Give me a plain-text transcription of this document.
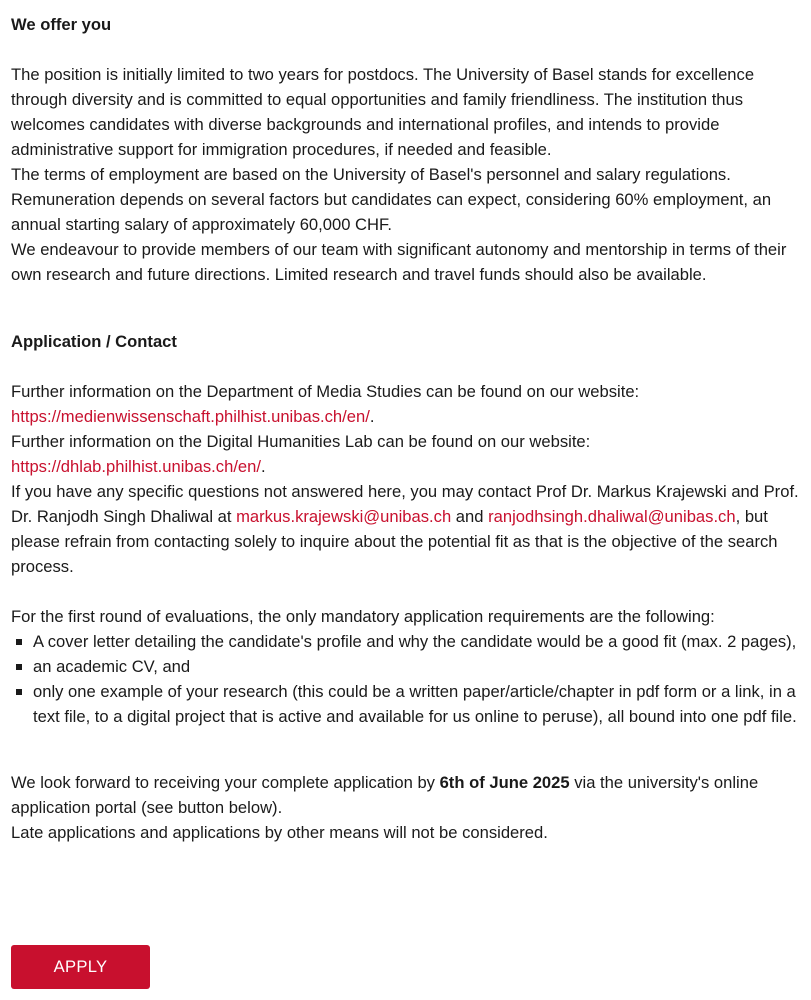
We offer you

The position is initially limited to two years for postdocs. The University of Basel stands for excellence through diversity and is committed to equal opportunities and family friendliness. The institution thus welcomes candidates with diverse backgrounds and international profiles, and intends to provide administrative support for immigration procedures, if needed and feasible.

The terms of employment are based on the University of Basel's personnel and salary regulations. Remuneration depends on several factors but candidates can expect, considering 60% employment, an annual starting salary of approximately 60,000 CHF.

We endeavour to provide members of our team with significant autonomy and mentorship in terms of their own research and future directions. Limited research and travel funds should also be available.

Application / Contact

Further information on the Department of Media Studies can be found on our website: https://medienwissenschaft.philhist.unibas.ch/en/.

Further information on the Digital Humanities Lab can be found on our website: https://dhlab.philhist.unibas.ch/en/.

If you have any specific questions not answered here, you may contact Prof Dr. Markus Krajewski and Prof. Dr. Ranjodh Singh Dhaliwal at markus.krajewski@unibas.ch and ranjodhsingh.dhaliwal@unibas.ch, but please refrain from contacting solely to inquire about the potential fit as that is the objective of the search process.

For the first round of evaluations, the only mandatory application requirements are the following:

A cover letter detailing the candidate's profile and why the candidate would be a good fit (max. 2 pages),
an academic CV, and
only one example of your research (this could be a written paper/article/chapter in pdf form or a link, in a text file, to a digital project that is active and available for us online to peruse), all bound into one pdf file.

We look forward to receiving your complete application by 6th of June 2025 via the university's online application portal (see button below).

Late applications and applications by other means will not be considered.

APPLY
